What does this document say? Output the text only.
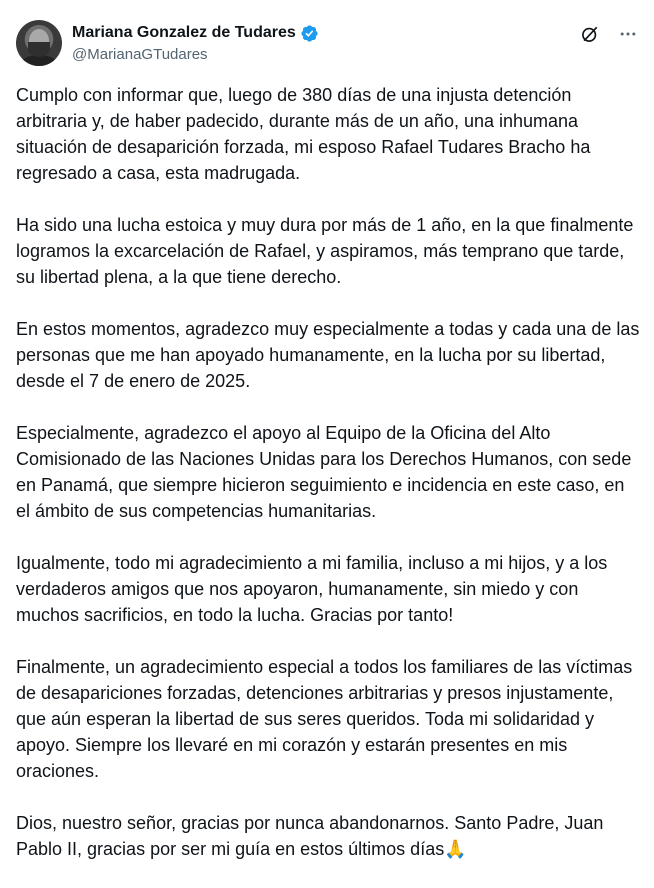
Mariana Gonzalez de Tudares
@MarianaGTudares

Cumplo con informar que, luego de 380 días de una injusta detención arbitraria y, de haber padecido, durante más de un año, una inhumana situación de desaparición forzada, mi esposo Rafael Tudares Bracho ha regresado a casa, esta madrugada.

Ha sido una lucha estoica y muy dura por más de 1 año, en la que finalmente logramos la excarcelación de Rafael, y aspiramos, más temprano que tarde, su libertad plena, a la que tiene derecho.

En estos momentos, agradezco muy especialmente a todas y cada una de las personas que me han apoyado humanamente, en la lucha por su libertad, desde el 7 de enero de 2025.

Especialmente, agradezco el apoyo al Equipo de la Oficina del Alto Comisionado de las Naciones Unidas para los Derechos Humanos, con sede en Panamá, que siempre hicieron seguimiento e incidencia en este caso, en el ámbito de sus competencias humanitarias.

Igualmente, todo mi agradecimiento a mi familia, incluso a mi hijos, y a los verdaderos amigos que nos apoyaron, humanamente, sin miedo y con muchos sacrificios, en todo la lucha. Gracias por tanto!

Finalmente, un agradecimiento especial a todos los familiares de las víctimas de desapariciones forzadas, detenciones arbitrarias y presos injustamente, que aún esperan la libertad de sus seres queridos. Toda mi solidaridad y apoyo. Siempre los llevaré en mi corazón y estarán presentes en mis oraciones.

Dios, nuestro señor, gracias por nunca abandonarnos. Santo Padre, Juan Pablo II, gracias por ser mi guía en estos últimos días🙏
